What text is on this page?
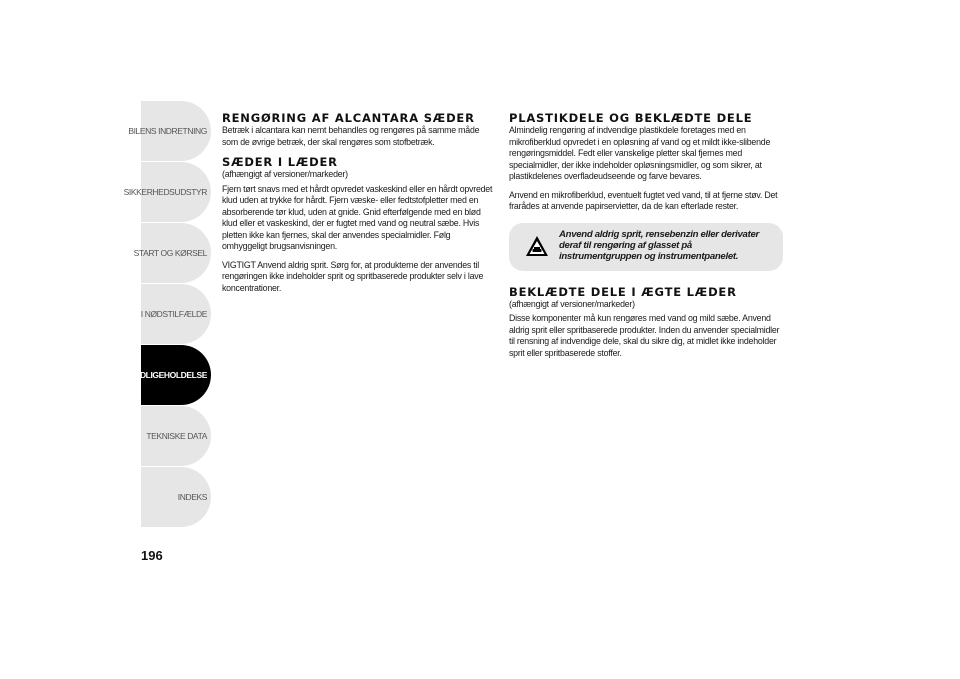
BILENS INDRETNING
SIKKERHEDSUDSTYR
START OG KØRSEL
I NØDSTILFÆLDE
VEDLIGEHOLDELSE
TEKNISKE DATA
INDEKS
196
RENGØRING AF ALCANTARA SÆDER

Betræk i alcantara kan nemt behandles og rengøres på samme måde som de øvrige betræk, der skal rengøres som stofbetræk.

SÆDER I LÆDER

(afhængigt af versioner/markeder)

Fjern tørt snavs med et hårdt opvredet vaskeskind eller en hårdt opvredet klud uden at trykke for hårdt. Fjern væske- eller fedtstofpletter med en absorberende tør klud, uden at gnide. Gnid efterfølgende med en blød klud eller et vaskeskind, der er fugtet med vand og neutral sæbe. Hvis pletten ikke kan fjernes, skal der anvendes specialmidler. Følg omhyggeligt brugsanvisningen.

VIGTIGT Anvend aldrig sprit. Sørg for, at produkterne der anvendes til rengøringen ikke indeholder sprit og spritbaserede produkter selv i lave koncentrationer.

PLASTIKDELE OG BEKLÆDTE DELE

Almindelig rengøring af indvendige plastikdele foretages med en mikrofiberklud opvredet i en opløsning af vand og et mildt ikke-slibende rengøringsmiddel. Fedt eller vanskelige pletter skal fjernes med specialmidler, der ikke indeholder opløsningsmidler, og som sikrer, at plastikdelenes overfladeudseende og farve bevares.

Anvend en mikrofiberklud, eventuelt fugtet ved vand, til at fjerne støv. Det frarådes at anvende papirservietter, da de kan efterlade rester.

Anvend aldrig sprit, rensebenzin eller derivater deraf til rengøring af glasset på instrumentgruppen og instrumentpanelet.
BEKLÆDTE DELE I ÆGTE LÆDER

(afhængigt af versioner/markeder)

Disse komponenter må kun rengøres med vand og mild sæbe. Anvend aldrig sprit eller spritbaserede produkter. Inden du anvender specialmidler til rensning af indvendige dele, skal du sikre dig, at midlet ikke indeholder sprit eller spritbaserede stoffer.
